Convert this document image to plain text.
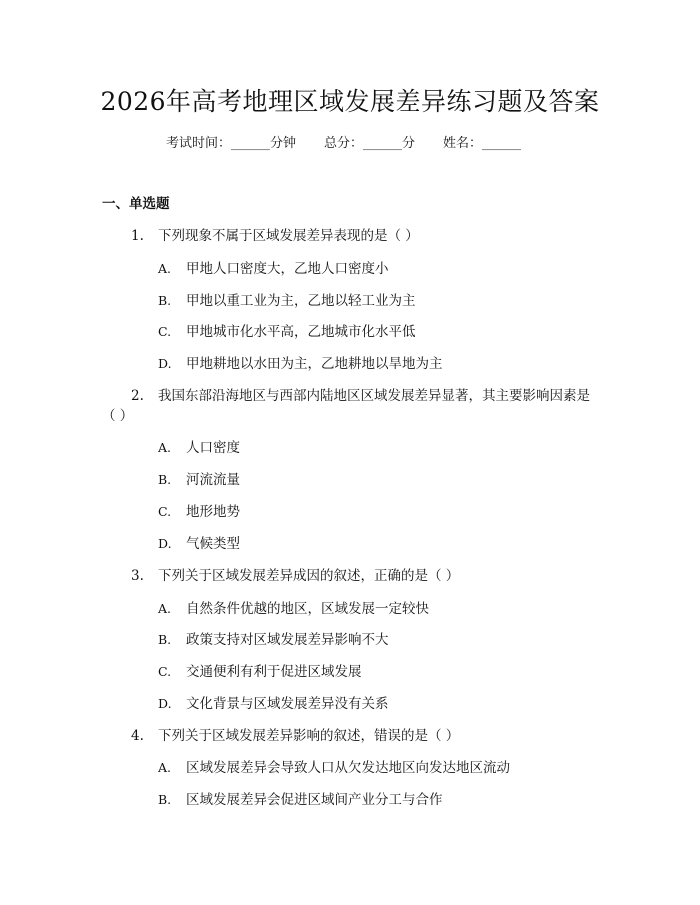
2026年高考地理区域发展差异练习题及答案
考试时间：______分钟 总分：______分 姓名：______
一、单选题
1. 下列现象不属于区域发展差异表现的是（ ）
A. 甲地人口密度大，乙地人口密度小
B. 甲地以重工业为主，乙地以轻工业为主
C. 甲地城市化水平高，乙地城市化水平低
D. 甲地耕地以水田为主，乙地耕地以旱地为主
2. 我国东部沿海地区与西部内陆地区区域发展差异显著，其主要影响因素是
（ ）
A. 人口密度
B. 河流流量
C. 地形地势
D. 气候类型
3. 下列关于区域发展差异成因的叙述，正确的是（ ）
A. 自然条件优越的地区，区域发展一定较快
B. 政策支持对区域发展差异影响不大
C. 交通便利有利于促进区域发展
D. 文化背景与区域发展差异没有关系
4. 下列关于区域发展差异影响的叙述，错误的是（ ）
A. 区域发展差异会导致人口从欠发达地区向发达地区流动
B. 区域发展差异会促进区域间产业分工与合作
